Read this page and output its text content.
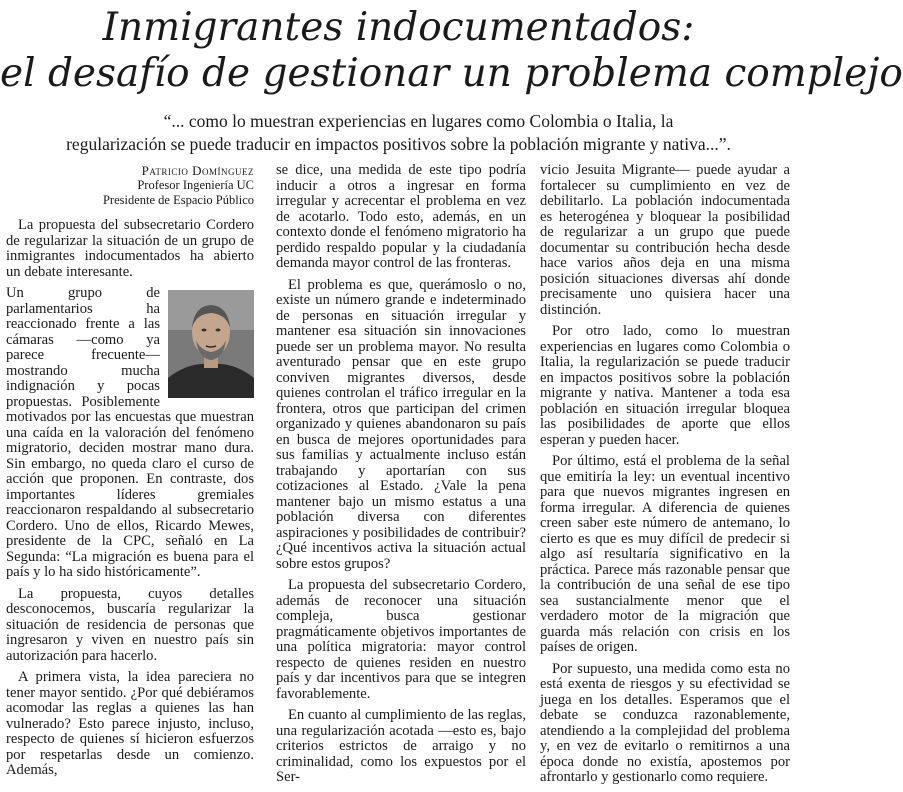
Inmigrantes indocumentados:
el desafío de gestionar un problema complejo
“... como lo muestran experiencias en lugares como Colombia o Italia, la
regularización se puede traducir en impactos positivos sobre la población migrante y nativa...”.
Patricio Domínguez
Profesor Ingeniería UC
Presidente de Espacio Público

La propuesta del subsecretario Cordero de regularizar la situación de un grupo de inmigrantes indocumentados ha abierto un debate interesante.

Un grupo de parlamentarios ha reaccionado frente a las cámaras —como ya parece frecuente— mostrando mucha indignación y pocas propuestas. Posiblemente motivados por las encuestas que muestran una caída en la valoración del fenómeno migratorio, deciden mostrar mano dura. Sin embargo, no queda claro el curso de acción que proponen. En contraste, dos importantes líderes gremiales reaccionaron respaldando al subsecretario Cordero. Uno de ellos, Ricardo Mewes, presidente de la CPC, señaló en La Segunda: “La migración es buena para el país y lo ha sido históricamente”.

La propuesta, cuyos detalles desconocemos, buscaría regularizar la situación de residencia de personas que ingresaron y viven en nuestro país sin autorización para hacerlo.

A primera vista, la idea pareciera no tener mayor sentido. ¿Por qué debiéramos acomodar las reglas a quienes las han vulnerado? Esto parece injusto, incluso, respecto de quienes sí hicieron esfuerzos por respetarlas desde un comienzo. Además,

se dice, una medida de este tipo podría inducir a otros a ingresar en forma irregular y acrecentar el problema en vez de acotarlo. Todo esto, además, en un contexto donde el fenómeno migratorio ha perdido respaldo popular y la ciudadanía demanda mayor control de las fronteras.

El problema es que, querámoslo o no, existe un número grande e indeterminado de personas en situación irregular y mantener esa situación sin innovaciones puede ser un problema mayor. No resulta aventurado pensar que en este grupo conviven migrantes diversos, desde quienes controlan el tráfico irregular en la frontera, otros que participan del crimen organizado y quienes abandonaron su país en busca de mejores oportunidades para sus familias y actualmente incluso están trabajando y aportarían con sus cotizaciones al Estado. ¿Vale la pena mantener bajo un mismo estatus a una población diversa con diferentes aspiraciones y posibilidades de contribuir? ¿Qué incentivos activa la situación actual sobre estos grupos?

La propuesta del subsecretario Cordero, además de reconocer una situación compleja, busca gestionar pragmáticamente objetivos importantes de una política migratoria: mayor control respecto de quienes residen en nuestro país y dar incentivos para que se integren favorablemente.

En cuanto al cumplimiento de las reglas, una regularización acotada —esto es, bajo criterios estrictos de arraigo y no criminalidad, como los expuestos por el Ser-

vicio Jesuita Migrante— puede ayudar a fortalecer su cumplimiento en vez de debilitarlo. La población indocumentada es heterogénea y bloquear la posibilidad de regularizar a un grupo que puede documentar su contribución hecha desde hace varios años deja en una misma posición situaciones diversas ahí donde precisamente uno quisiera hacer una distinción.

Por otro lado, como lo muestran experiencias en lugares como Colombia o Italia, la regularización se puede traducir en impactos positivos sobre la población migrante y nativa. Mantener a toda esa población en situación irregular bloquea las posibilidades de aporte que ellos esperan y pueden hacer.

Por último, está el problema de la señal que emitiría la ley: un eventual incentivo para que nuevos migrantes ingresen en forma irregular. A diferencia de quienes creen saber este número de antemano, lo cierto es que es muy difícil de predecir si algo así resultaría significativo en la práctica. Parece más razonable pensar que la contribución de una señal de ese tipo sea sustancialmente menor que el verdadero motor de la migración que guarda más relación con crisis en los países de origen.

Por supuesto, una medida como esta no está exenta de riesgos y su efectividad se juega en los detalles. Esperamos que el debate se conduzca razonablemente, atendiendo a la complejidad del problema y, en vez de evitarlo o remitirnos a una época donde no existía, apostemos por afrontarlo y gestionarlo como requiere.
